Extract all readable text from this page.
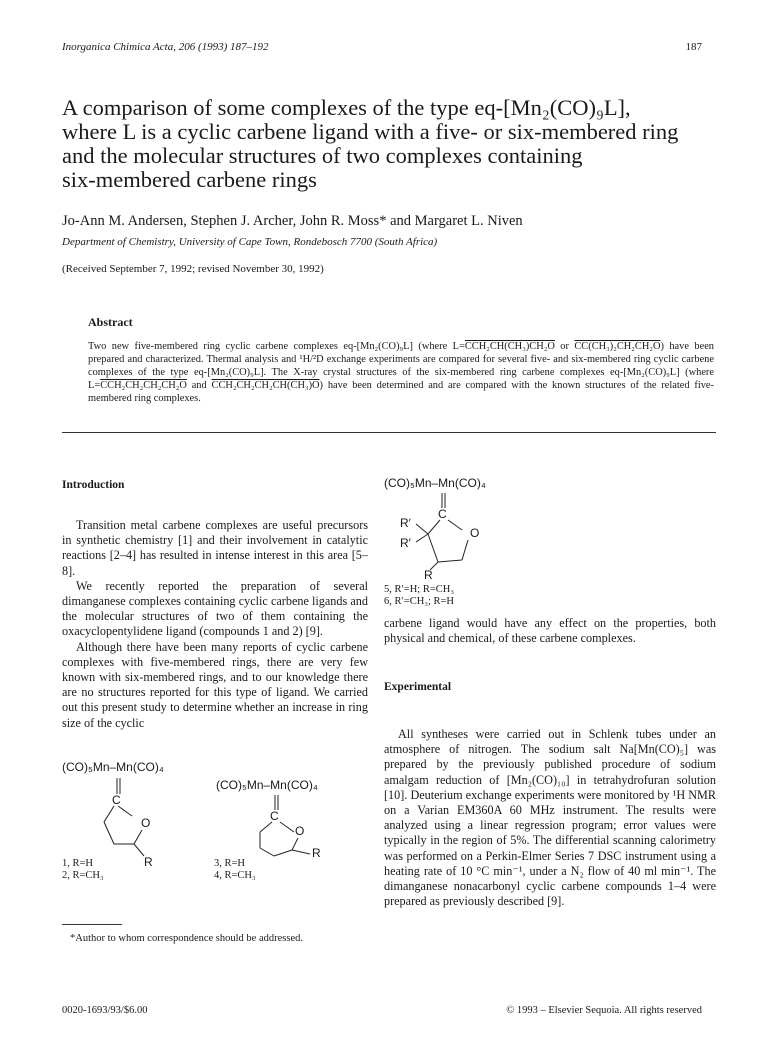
Inorganica Chimica Acta, 206 (1993) 187–192	187
A comparison of some complexes of the type eq-[Mn₂(CO)₉L],
where L is a cyclic carbene ligand with a five- or six-membered ring
and the molecular structures of two complexes containing
six-membered carbene rings
Jo-Ann M. Andersen, Stephen J. Archer, John R. Moss* and Margaret L. Niven
Department of Chemistry, University of Cape Town, Rondebosch 7700 (South Africa)
(Received September 7, 1992; revised November 30, 1992)
Abstract
Two new five-membered ring cyclic carbene complexes eq-[Mn₂(CO)₉L] (where L=CCH₂CH(CH₃)CH₂O or CC(CH₃)₂CH₂CH₂O) have been prepared and characterized. Thermal analysis and ¹H/²D exchange experiments are compared for several five- and six-membered ring cyclic carbene complexes of the type eq-[Mn₂(CO)₉L]. The X-ray crystal structures of the six-membered ring carbene complexes eq-[Mn₂(CO)₉L] (where L=CCH₂CH₂CH₂CH₂O and CCH₂CH₂CH₂CH(CH₃)O) have been determined and are compared with the known structures of the related five-membered ring complexes.
Introduction

Transition metal carbene complexes are useful precursors in synthetic chemistry [1] and their involvement in catalytic reactions [2–4] has resulted in intense interest in this area [5–8].

We recently reported the preparation of several dimanganese complexes containing cyclic carbene ligands and the molecular structures of two of them containing the oxacyclopentylidene ligand (compounds 1 and 2) [9].

Although there have been many reports of cyclic carbene complexes with five-membered rings, there are very few known with six-membered rings, and to our knowledge there are no structures reported for this type of ligand. We carried out this present study to determine whether an increase in ring size of the cyclic

(CO)₅Mn–Mn(CO)₄
C
O
R
1, R=H
2, R=CH₃
(CO)₅Mn–Mn(CO)₄
C
O
R
3, R=H
4, R=CH₃
(CO)₅Mn–Mn(CO)₄
C
O
R′
R′
R
5, R′=H; R=CH₃
6, R′=CH₃; R=H
carbene ligand would have any effect on the properties, both physical and chemical, of these carbene complexes.
Experimental

All syntheses were carried out in Schlenk tubes under an atmosphere of nitrogen. The sodium salt Na[Mn(CO)₅] was prepared by the previously published procedure of sodium amalgam reduction of [Mn₂(CO)₁₀] in tetrahydrofuran solution [10]. Deuterium exchange experiments were monitored by ¹H NMR on a Varian EM360A 60 MHz instrument. The results were analyzed using a linear regression program; error values were typically in the region of 5%. The differential scanning calorimetry was performed on a Perkin-Elmer Series 7 DSC instrument using a heating rate of 10 °C min⁻¹, under a N₂ flow of 40 ml min⁻¹. The dimanganese nonacarbonyl cyclic carbene compounds 1–4 were prepared as previously described [9].

*Author to whom correspondence should be addressed.
0020-1693/93/$6.00	© 1993 – Elsevier Sequoia. All rights reserved
